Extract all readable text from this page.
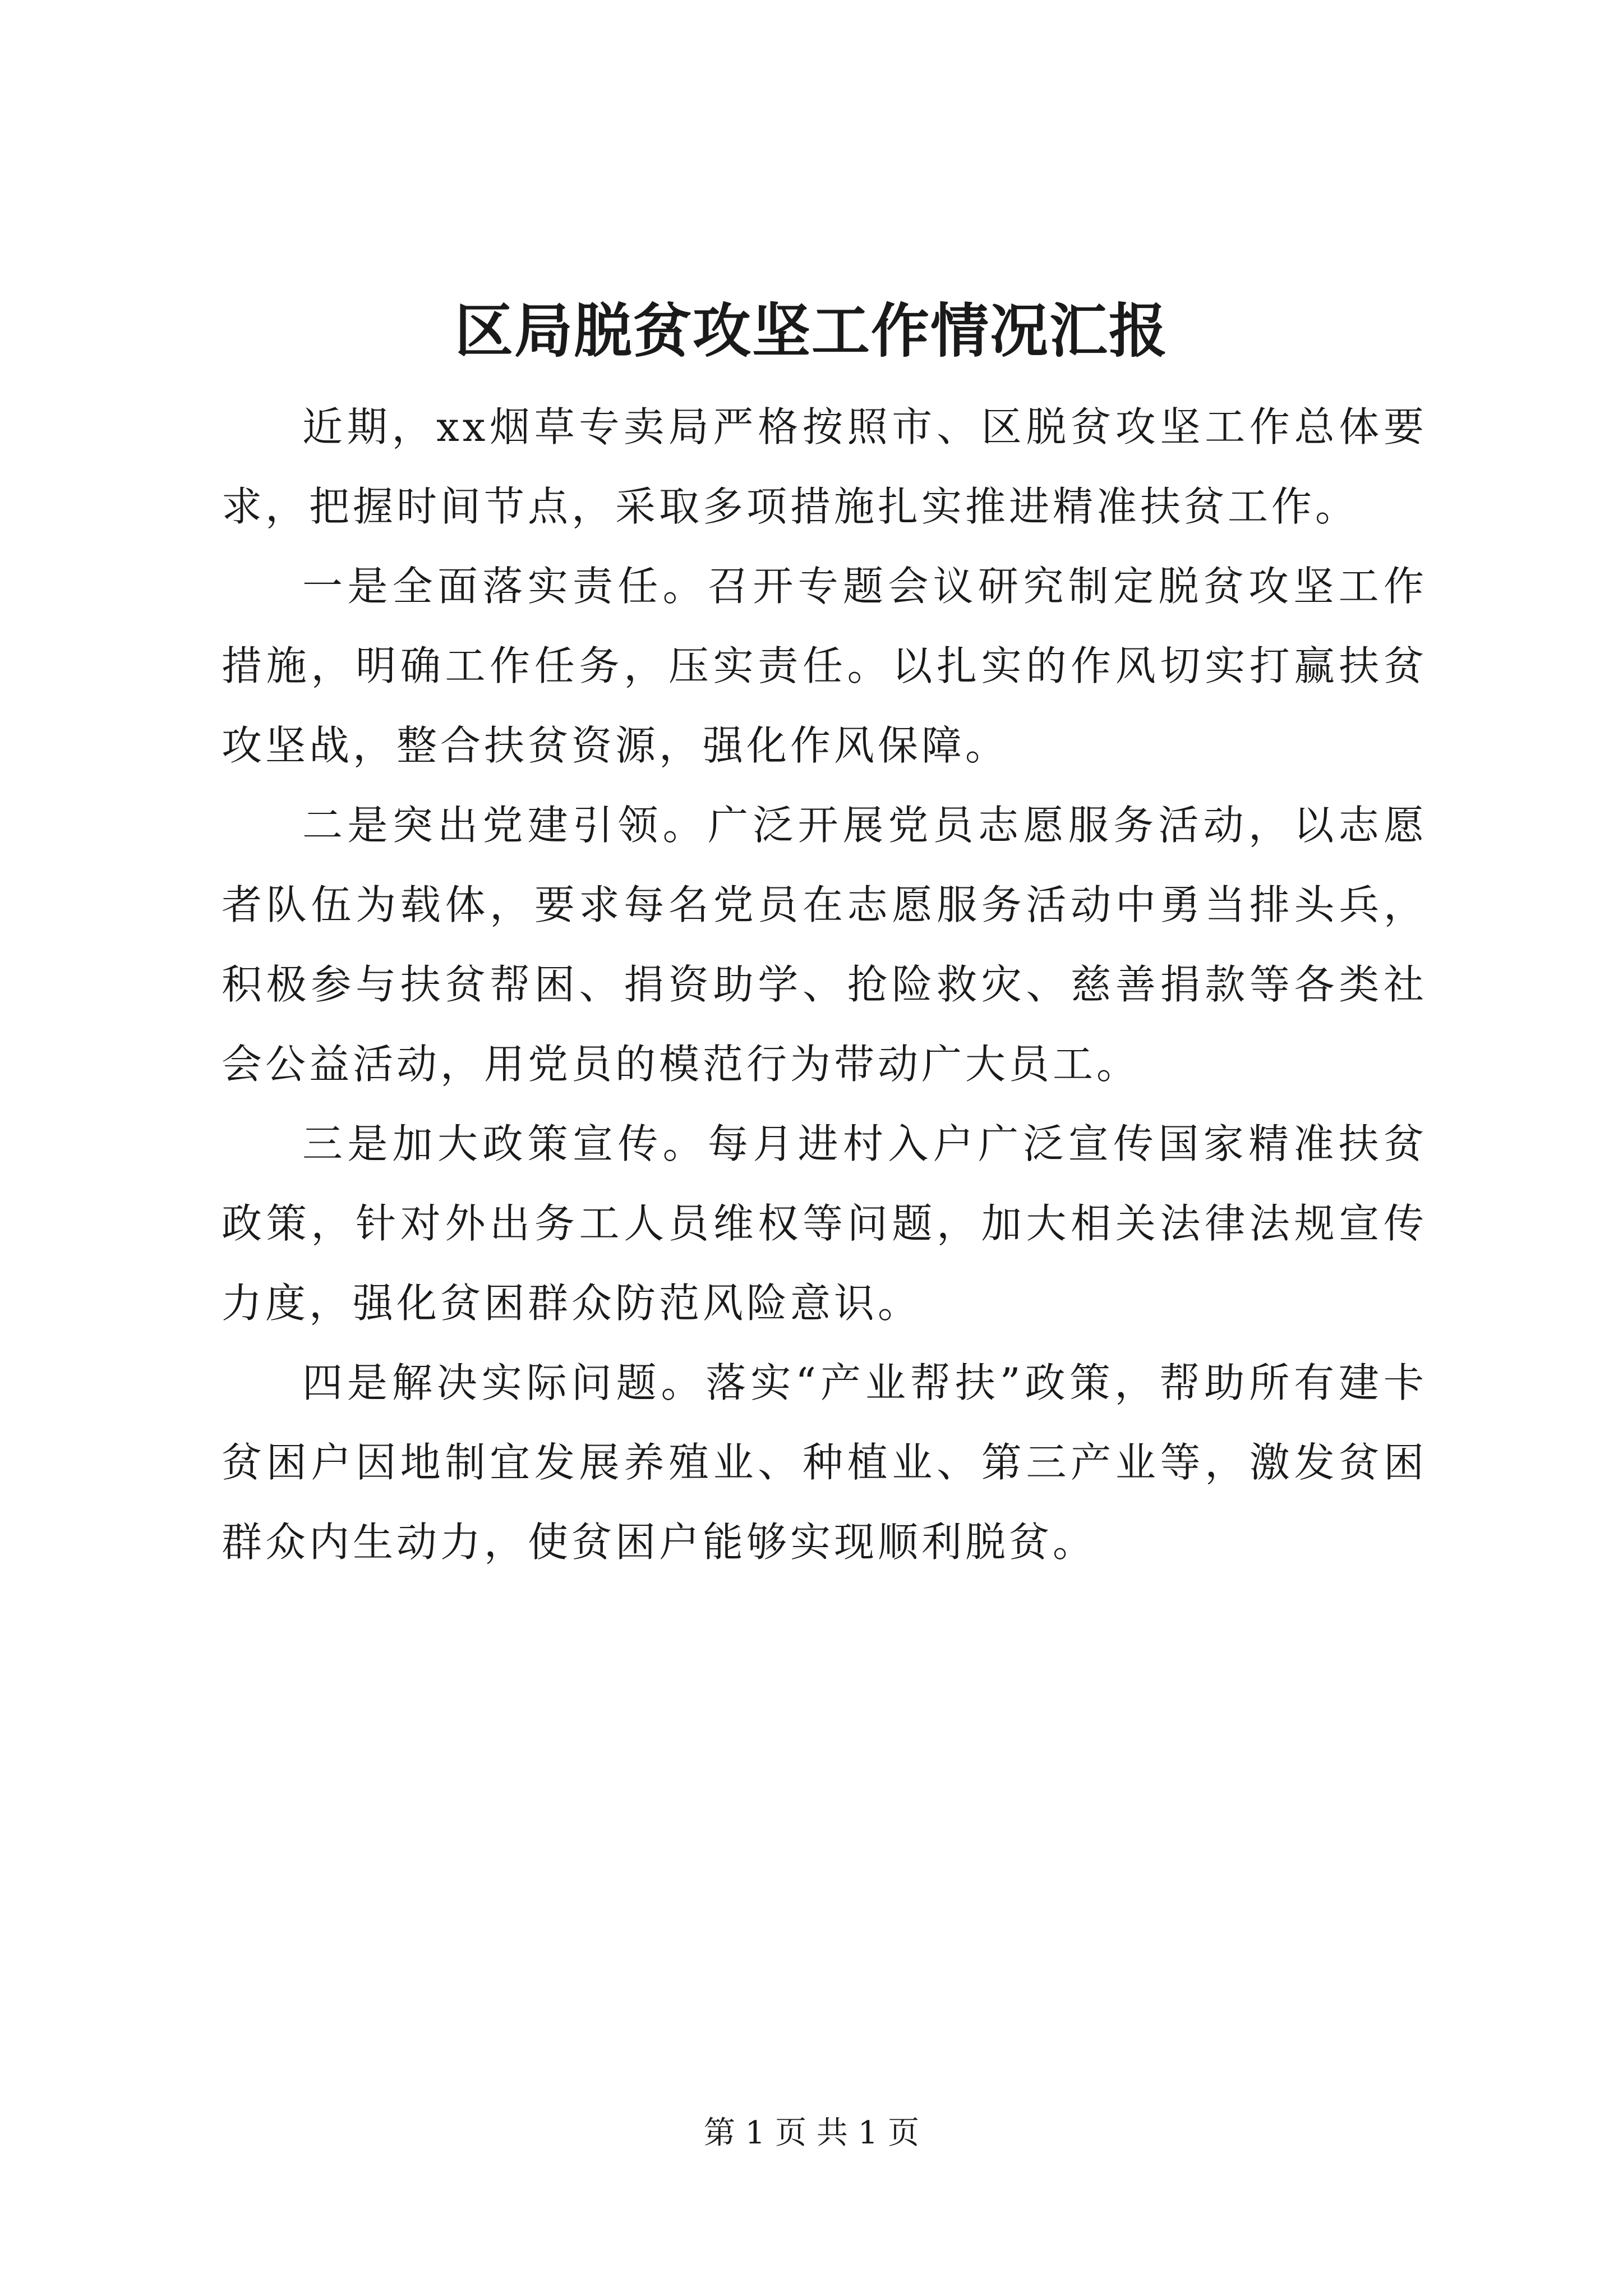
区局脱贫攻坚工作情况汇报

近期，xx烟草专卖局严格按照市、区脱贫攻坚工作总体要求，把握时间节点，采取多项措施扎实推进精准扶贫工作。

一是全面落实责任。召开专题会议研究制定脱贫攻坚工作措施，明确工作任务，压实责任。以扎实的作风切实打赢扶贫攻坚战，整合扶贫资源，强化作风保障。

二是突出党建引领。广泛开展党员志愿服务活动，以志愿者队伍为载体，要求每名党员在志愿服务活动中勇当排头兵，积极参与扶贫帮困、捐资助学、抢险救灾、慈善捐款等各类社会公益活动，用党员的模范行为带动广大员工。

三是加大政策宣传。每月进村入户广泛宣传国家精准扶贫政策，针对外出务工人员维权等问题，加大相关法律法规宣传力度，强化贫困群众防范风险意识。

四是解决实际问题。落实“产业帮扶”政策，帮助所有建卡贫困户因地制宜发展养殖业、种植业、第三产业等，激发贫困群众内生动力，使贫困户能够实现顺利脱贫。

第 1 页 共 1 页
